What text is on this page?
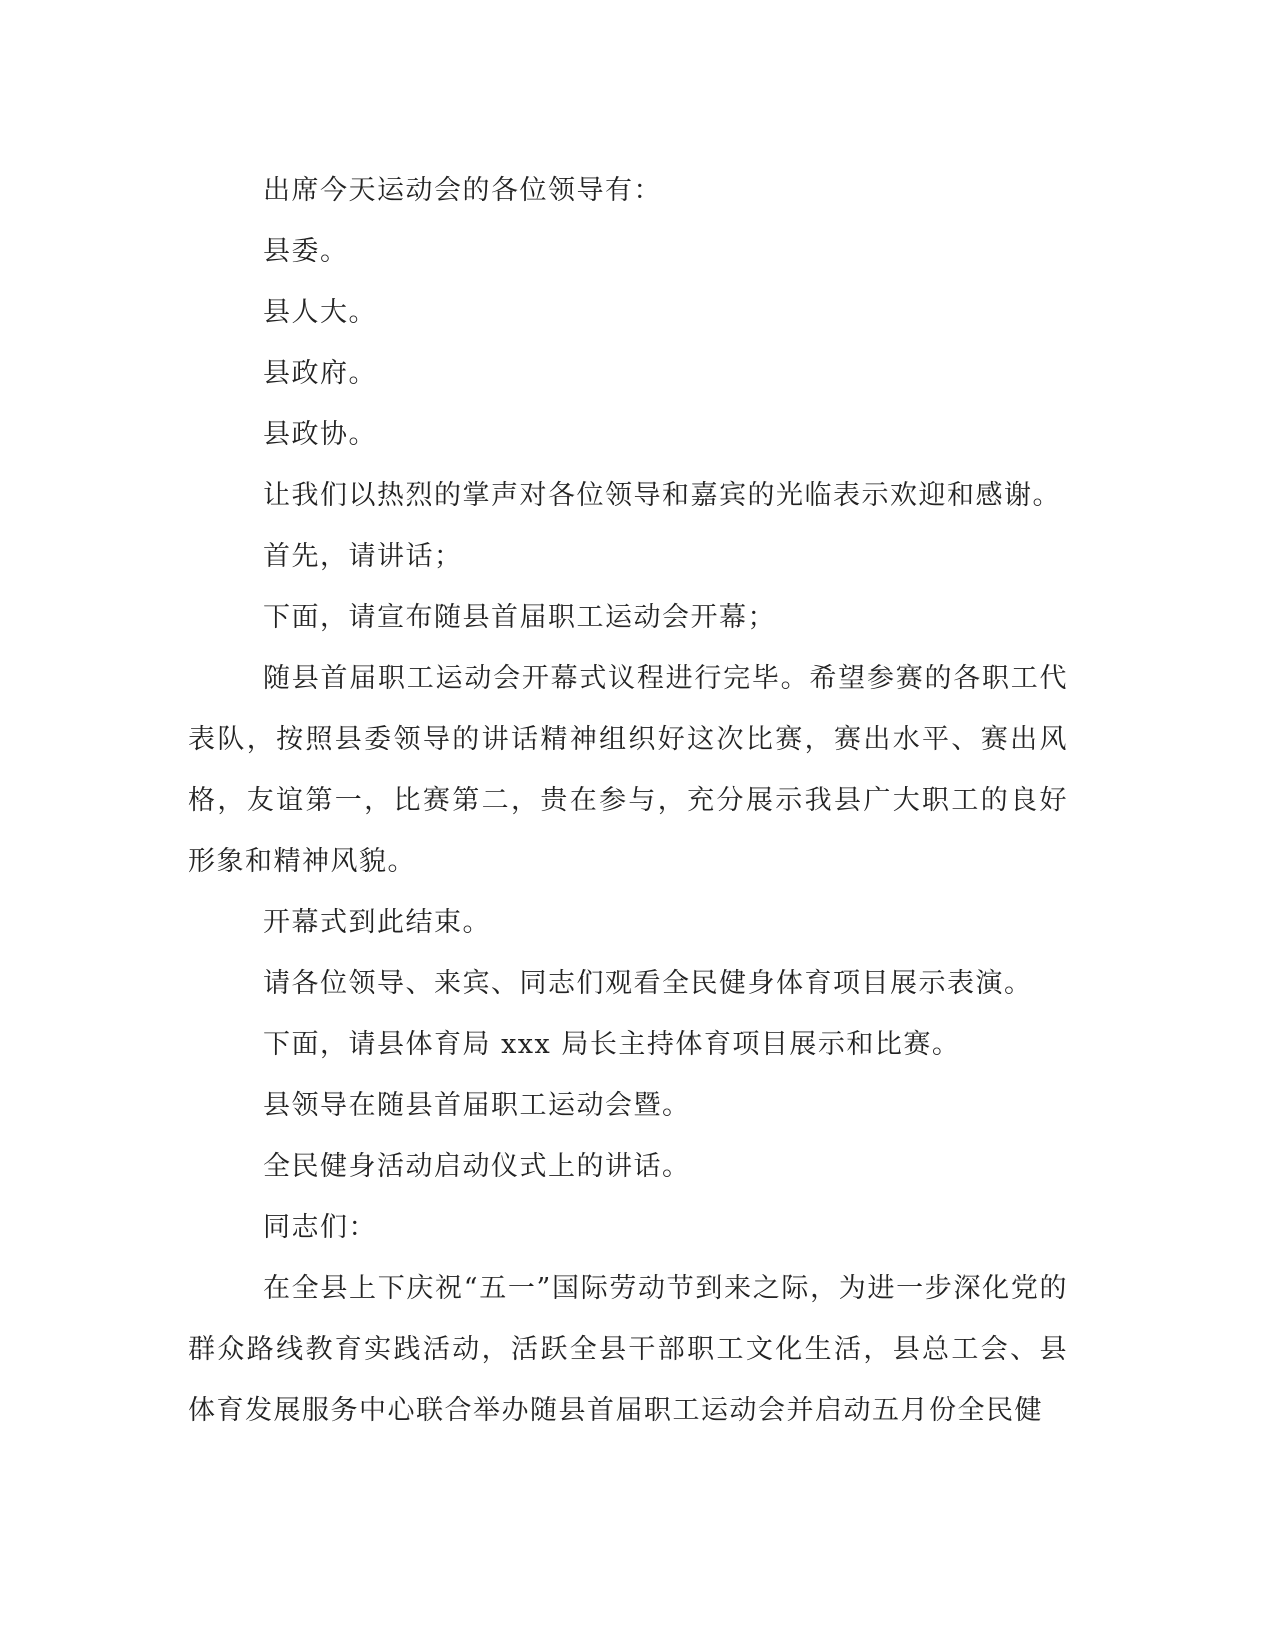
出席今天运动会的各位领导有：

县委。

县人大。

县政府。

县政协。

让我们以热烈的掌声对各位领导和嘉宾的光临表示欢迎和感谢。

首先，请讲话；

下面，请宣布随县首届职工运动会开幕；

随县首届职工运动会开幕式议程进行完毕。希望参赛的各职工代表队，按照县委领导的讲话精神组织好这次比赛，赛出水平、赛出风格，友谊第一，比赛第二，贵在参与，充分展示我县广大职工的良好形象和精神风貌。

开幕式到此结束。

请各位领导、来宾、同志们观看全民健身体育项目展示表演。

下面，请县体育局 xxx 局长主持体育项目展示和比赛。

县领导在随县首届职工运动会暨。

全民健身活动启动仪式上的讲话。

同志们：

在全县上下庆祝“五一”国际劳动节到来之际，为进一步深化党的群众路线教育实践活动，活跃全县干部职工文化生活，县总工会、县体育发展服务中心联合举办随县首届职工运动会并启动五月份全民健
